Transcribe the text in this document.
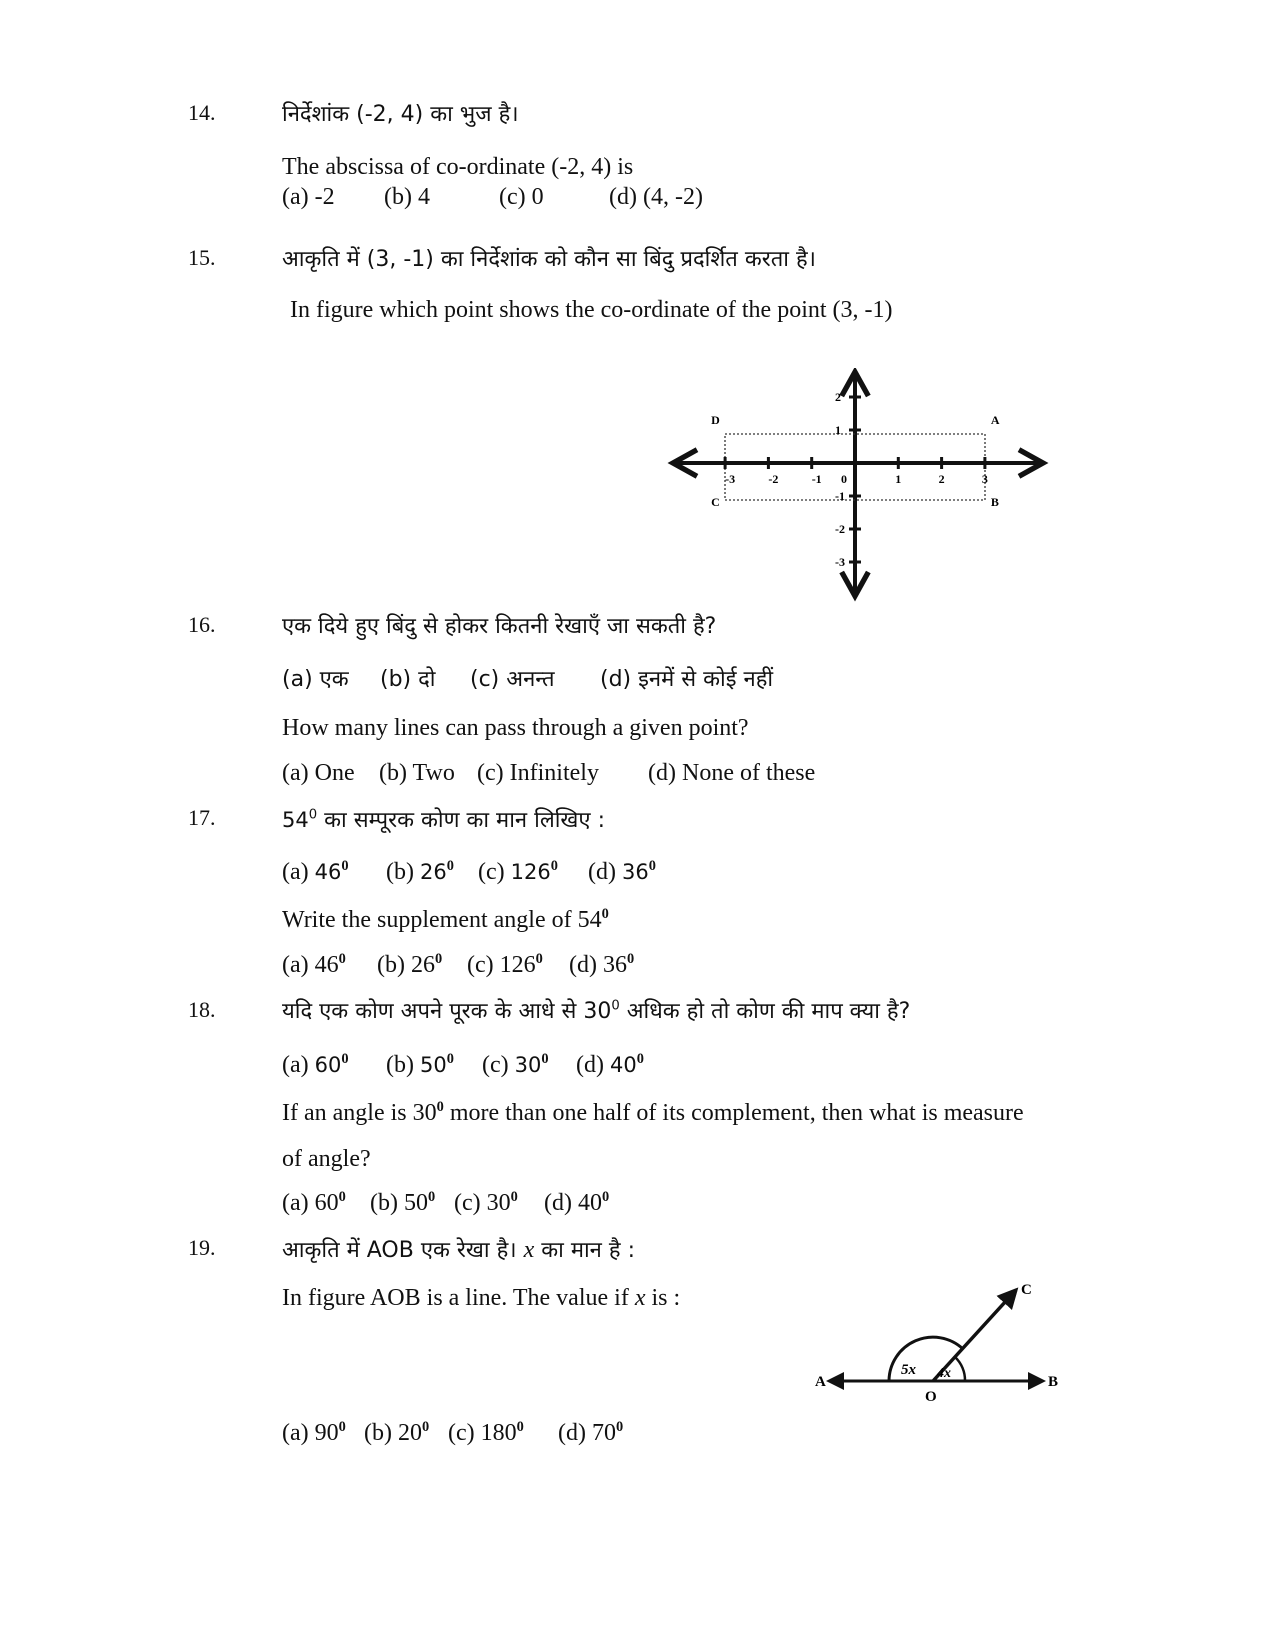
14.	निर्देशांक (-2, 4) का भुज है।
The abscissa of co-ordinate (-2, 4) is
(a) -2 (b) 4	(c) 0	(d) (4, -2)
15.	आकृति में (3, -1) का निर्देशांक को कौन सा बिंदु प्रदर्शित करता है।
In figure which point shows the co-ordinate of the point (3, -1)
-3	-2	-1 0	1	2	3
2
1
-1
-2
-3
A
B
C
D
16.	एक दिये हुए बिंदु से होकर कितनी रेखाएँ जा सकती है?
(a) एक (b) दो (c) अनन्त (d) इनमें से कोई नहीं
How many lines can pass through a given point?
(a) One (b) Two (c) Infinitely (d) None of these
17.	$54^0$ का सम्पूरक कोण का मान लिखिए :
(a) $46^0$ (b) $26^0$ (c) $126^0$ (d) $36^0$
Write the supplement angle of $54^0$
(a) $46^0$ (b) $26^0$ (c) $126^0$ (d) $36^0$
18.	यदि एक कोण अपने पूरक के आधे से $30^0$ अधिक हो तो कोण की माप क्या है?
(a) $60^0$ (b) $50^0$ (c) $30^0$ (d) $40^0$
If an angle is $30^0$ more than one half of its complement, then what is measure
of angle?
(a) $60^0$ (b) $50^0$ (c) $30^0$ (d) $40^0$
19.	आकृति में AOB एक रेखा है। x का मान है :
In figure AOB is a line. The value if x is :
5x 4x
A	B
C
O
(a) $90^0$ (b) $20^0$ (c) $180^0$ (d) $70^0$
